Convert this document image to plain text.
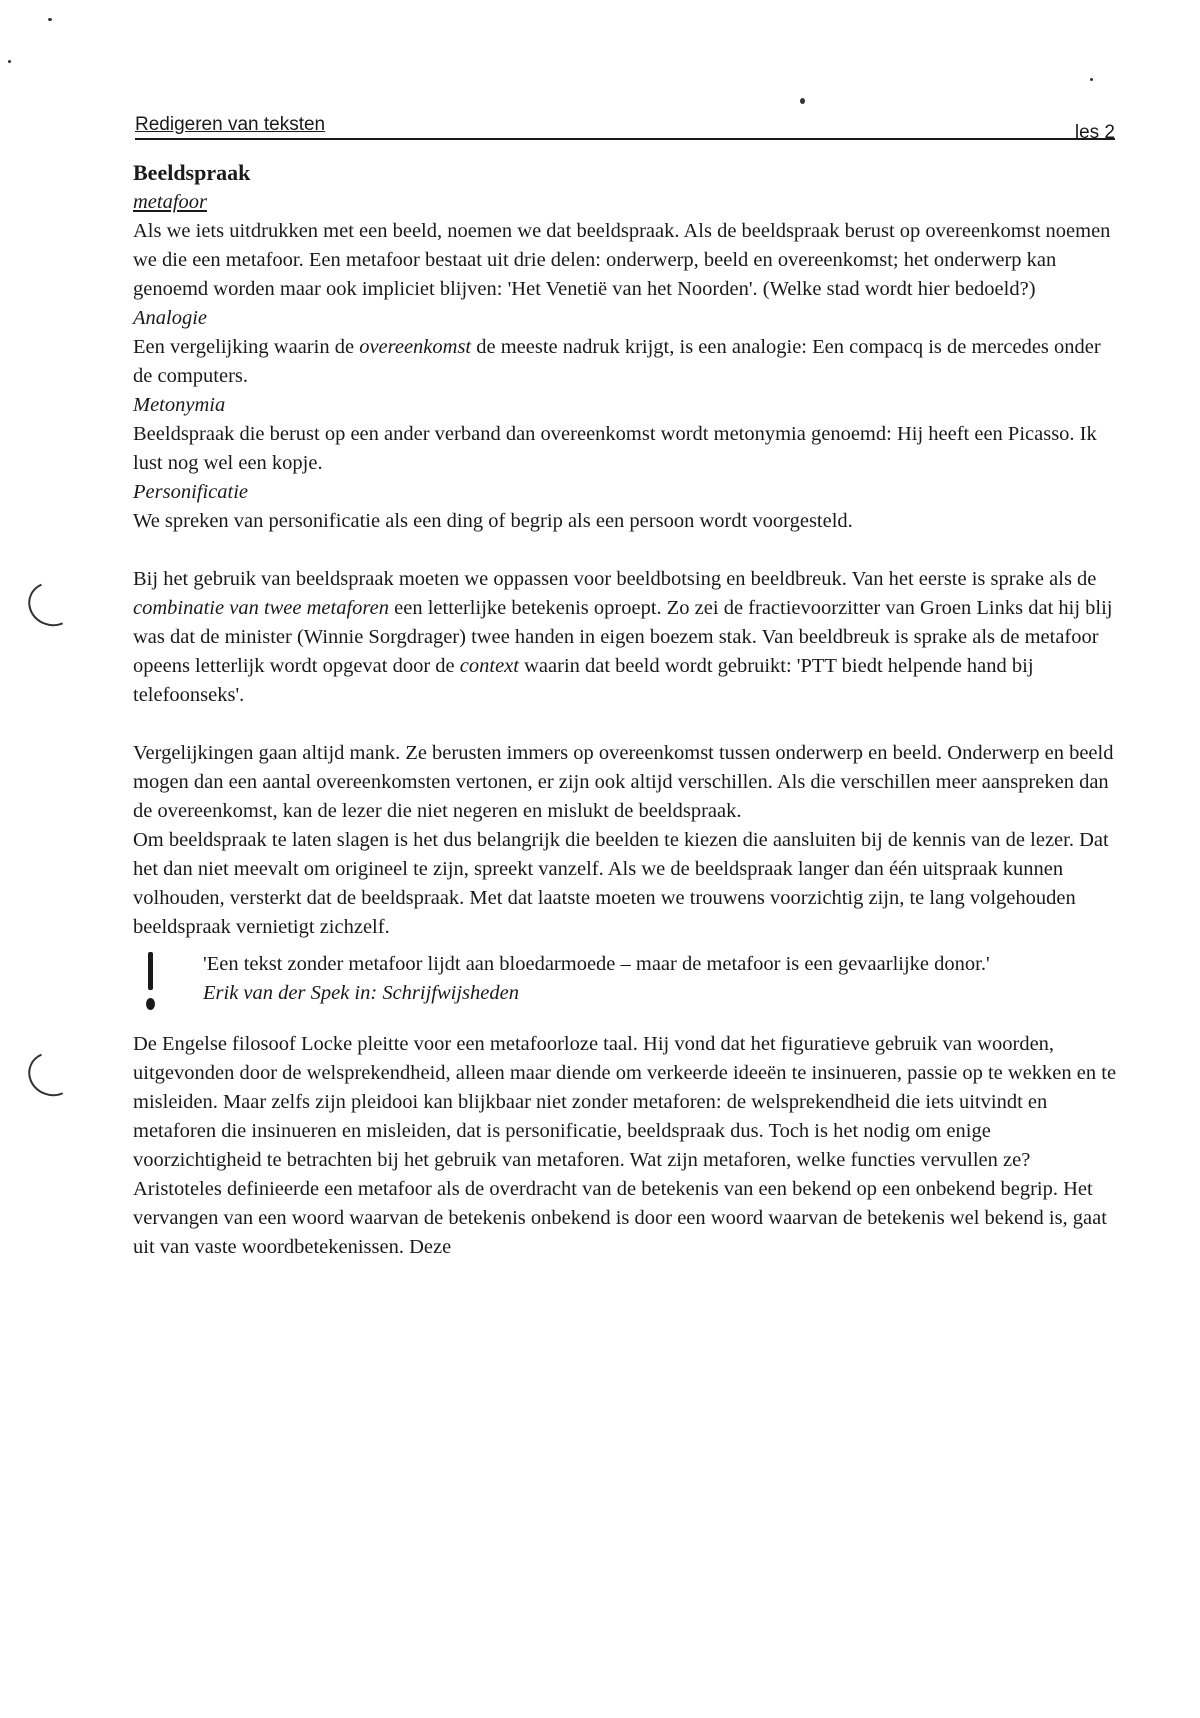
Redigeren van teksten	les 2

Beeldspraak

metafoor

Als we iets uitdrukken met een beeld, noemen we dat beeldspraak. Als de beeldspraak berust op overeenkomst noemen we die een metafoor. Een metafoor bestaat uit drie delen: onderwerp, beeld en overeenkomst; het onderwerp kan genoemd worden maar ook impliciet blijven: 'Het Venetië van het Noorden'. (Welke stad wordt hier bedoeld?)

Analogie

Een vergelijking waarin de overeenkomst de meeste nadruk krijgt, is een analogie: Een compacq is de mercedes onder de computers.

Metonymia

Beeldspraak die berust op een ander verband dan overeenkomst wordt metonymia genoemd: Hij heeft een Picasso. Ik lust nog wel een kopje.

Personificatie

We spreken van personificatie als een ding of begrip als een persoon wordt voorgesteld.

Bij het gebruik van beeldspraak moeten we oppassen voor beeldbotsing en beeldbreuk. Van het eerste is sprake als de combinatie van twee metaforen een letterlijke betekenis oproept. Zo zei de fractievoorzitter van Groen Links dat hij blij was dat de minister (Winnie Sorgdrager) twee handen in eigen boezem stak. Van beeldbreuk is sprake als de metafoor opeens letterlijk wordt opgevat door de context waarin dat beeld wordt gebruikt: 'PTT biedt helpende hand bij telefoonseks'.

Vergelijkingen gaan altijd mank. Ze berusten immers op overeenkomst tussen onderwerp en beeld. Onderwerp en beeld mogen dan een aantal overeenkomsten vertonen, er zijn ook altijd verschillen. Als die verschillen meer aanspreken dan de overeenkomst, kan de lezer die niet negeren en mislukt de beeldspraak.

Om beeldspraak te laten slagen is het dus belangrijk die beelden te kiezen die aansluiten bij de kennis van de lezer. Dat het dan niet meevalt om origineel te zijn, spreekt vanzelf. Als we de beeldspraak langer dan één uitspraak kunnen volhouden, versterkt dat de beeldspraak. Met dat laatste moeten we trouwens voorzichtig zijn, te lang volgehouden beeldspraak vernietigt zichzelf.

'Een tekst zonder metafoor lijdt aan bloedarmoede – maar de metafoor is een gevaarlijke donor.'

Erik van der Spek in: Schrijfwijsheden

De Engelse filosoof Locke pleitte voor een metafoorloze taal. Hij vond dat het figuratieve gebruik van woorden, uitgevonden door de welsprekendheid, alleen maar diende om verkeerde ideeën te insinueren, passie op te wekken en te misleiden. Maar zelfs zijn pleidooi kan blijkbaar niet zonder metaforen: de welsprekendheid die iets uitvindt en metaforen die insinueren en misleiden, dat is personificatie, beeldspraak dus. Toch is het nodig om enige voorzichtigheid te betrachten bij het gebruik van metaforen. Wat zijn metaforen, welke functies vervullen ze? Aristoteles definieerde een metafoor als de overdracht van de betekenis van een bekend op een onbekend begrip. Het vervangen van een woord waarvan de betekenis onbekend is door een woord waarvan de betekenis wel bekend is, gaat uit van vaste woordbetekenissen. Deze
